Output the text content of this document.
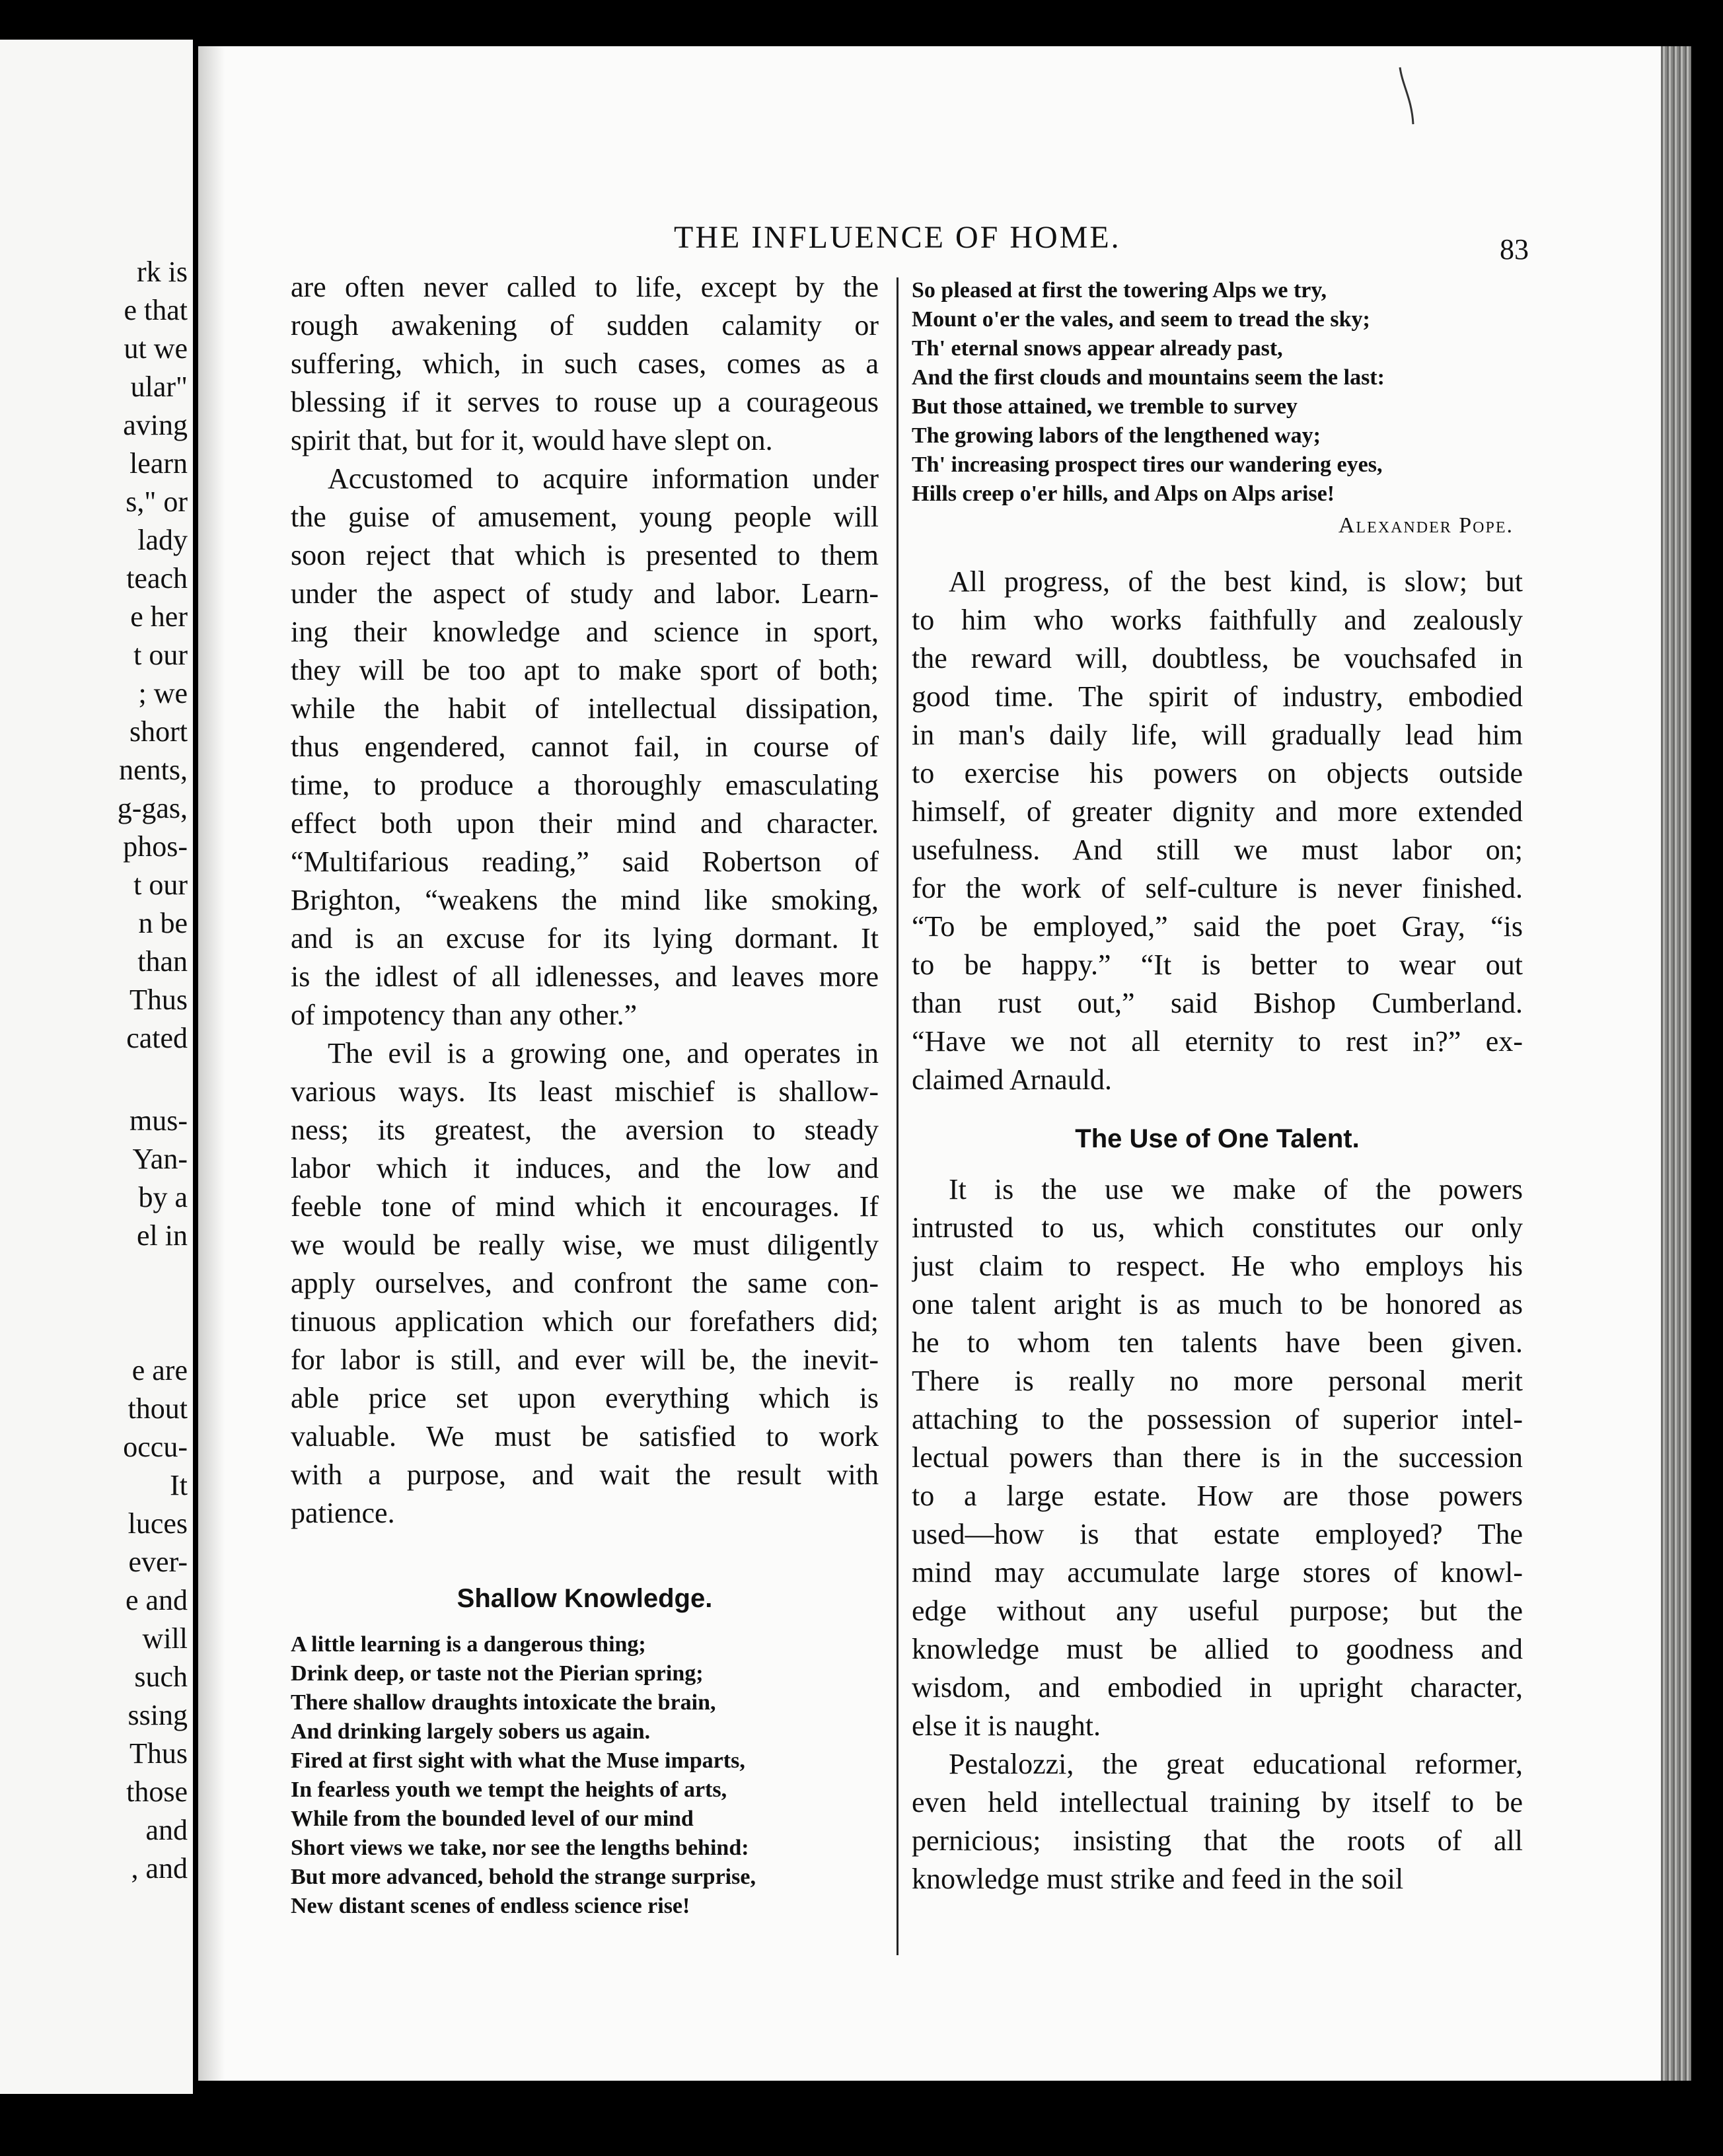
rk is
e that
ut we
ular"
aving
learn
s," or
lady
teach
e her
t our
; we
short
nents,
g-gas,
phos-
t our
n be
than
Thus
cated
mus-
Yan-
by a
el in
e are
thout
occu-
It
luces
ever-
e and
will
such
ssing
Thus
those
and
, and
THE INFLUENCE OF HOME.	83
are often never called to life, except by the
rough awakening of sudden calamity or
suffering, which, in such cases, comes as a
blessing if it serves to rouse up a courageous
spirit that, but for it, would have slept on.
Accustomed to acquire information under
the guise of amusement, young people will
soon reject that which is presented to them
under the aspect of study and labor. Learn-
ing their knowledge and science in sport,
they will be too apt to make sport of both;
while the habit of intellectual dissipation,
thus engendered, cannot fail, in course of
time, to produce a thoroughly emasculating
effect both upon their mind and character.
“Multifarious reading,” said Robertson of
Brighton, “weakens the mind like smoking,
and is an excuse for its lying dormant. It
is the idlest of all idlenesses, and leaves more
of impotency than any other.”
The evil is a growing one, and operates in
various ways. Its least mischief is shallow-
ness; its greatest, the aversion to steady
labor which it induces, and the low and
feeble tone of mind which it encourages. If
we would be really wise, we must diligently
apply ourselves, and confront the same con-
tinuous application which our forefathers did;
for labor is still, and ever will be, the inevit-
able price set upon everything which is
valuable. We must be satisfied to work
with a purpose, and wait the result with
patience.
Shallow Knowledge.
A little learning is a dangerous thing;
Drink deep, or taste not the Pierian spring;
There shallow draughts intoxicate the brain,
And drinking largely sobers us again.
Fired at first sight with what the Muse imparts,
In fearless youth we tempt the heights of arts,
While from the bounded level of our mind
Short views we take, nor see the lengths behind:
But more advanced, behold the strange surprise,
New distant scenes of endless science rise!
So pleased at first the towering Alps we try,
Mount o'er the vales, and seem to tread the sky;
Th' eternal snows appear already past,
And the first clouds and mountains seem the last:
But those attained, we tremble to survey
The growing labors of the lengthened way;
Th' increasing prospect tires our wandering eyes,
Hills creep o'er hills, and Alps on Alps arise!
Alexander Pope.
All progress, of the best kind, is slow; but
to him who works faithfully and zealously
the reward will, doubtless, be vouchsafed in
good time. The spirit of industry, embodied
in man's daily life, will gradually lead him
to exercise his powers on objects outside
himself, of greater dignity and more extended
usefulness. And still we must labor on;
for the work of self-culture is never finished.
“To be employed,” said the poet Gray, “is
to be happy.” “It is better to wear out
than rust out,” said Bishop Cumberland.
“Have we not all eternity to rest in?” ex-
claimed Arnauld.
The Use of One Talent.
It is the use we make of the powers
intrusted to us, which constitutes our only
just claim to respect. He who employs his
one talent aright is as much to be honored as
he to whom ten talents have been given.
There is really no more personal merit
attaching to the possession of superior intel-
lectual powers than there is in the succession
to a large estate. How are those powers
used—how is that estate employed? The
mind may accumulate large stores of knowl-
edge without any useful purpose; but the
knowledge must be allied to goodness and
wisdom, and embodied in upright character,
else it is naught.
Pestalozzi, the great educational reformer,
even held intellectual training by itself to be
pernicious; insisting that the roots of all
knowledge must strike and feed in the soil
